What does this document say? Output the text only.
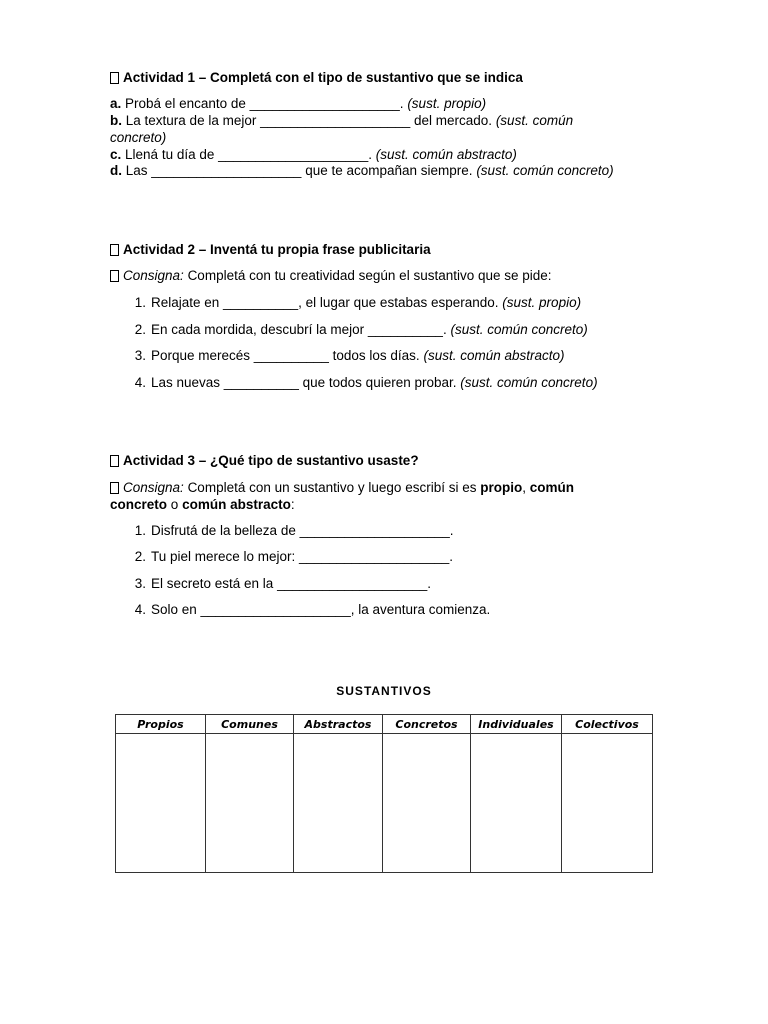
Actividad 1 – Completá con el tipo de sustantivo que se indica
a. Probá el encanto de ____________________. (sust. propio)
b. La textura de la mejor ____________________ del mercado. (sust. común concreto)
c. Llená tu día de ____________________. (sust. común abstracto)
d. Las ____________________ que te acompañan siempre. (sust. común concreto)
Actividad 2 – Inventá tu propia frase publicitaria
Consigna: Completá con tu creatividad según el sustantivo que se pide:
1. Relajate en __________, el lugar que estabas esperando. (sust. propio)
2. En cada mordida, descubrí la mejor __________. (sust. común concreto)
3. Porque merecés __________ todos los días. (sust. común abstracto)
4. Las nuevas __________ que todos quieren probar. (sust. común concreto)
Actividad 3 – ¿Qué tipo de sustantivo usaste?
Consigna: Completá con un sustantivo y luego escribí si es propio, común concreto o común abstracto:
1. Disfrutá de la belleza de ____________________.
2. Tu piel merece lo mejor: ____________________.
3. El secreto está en la ____________________.
4. Solo en ____________________, la aventura comienza.
SUSTANTIVOS
Propios	Comunes	Abstractos	Concretos	Individuales	Colectivos
